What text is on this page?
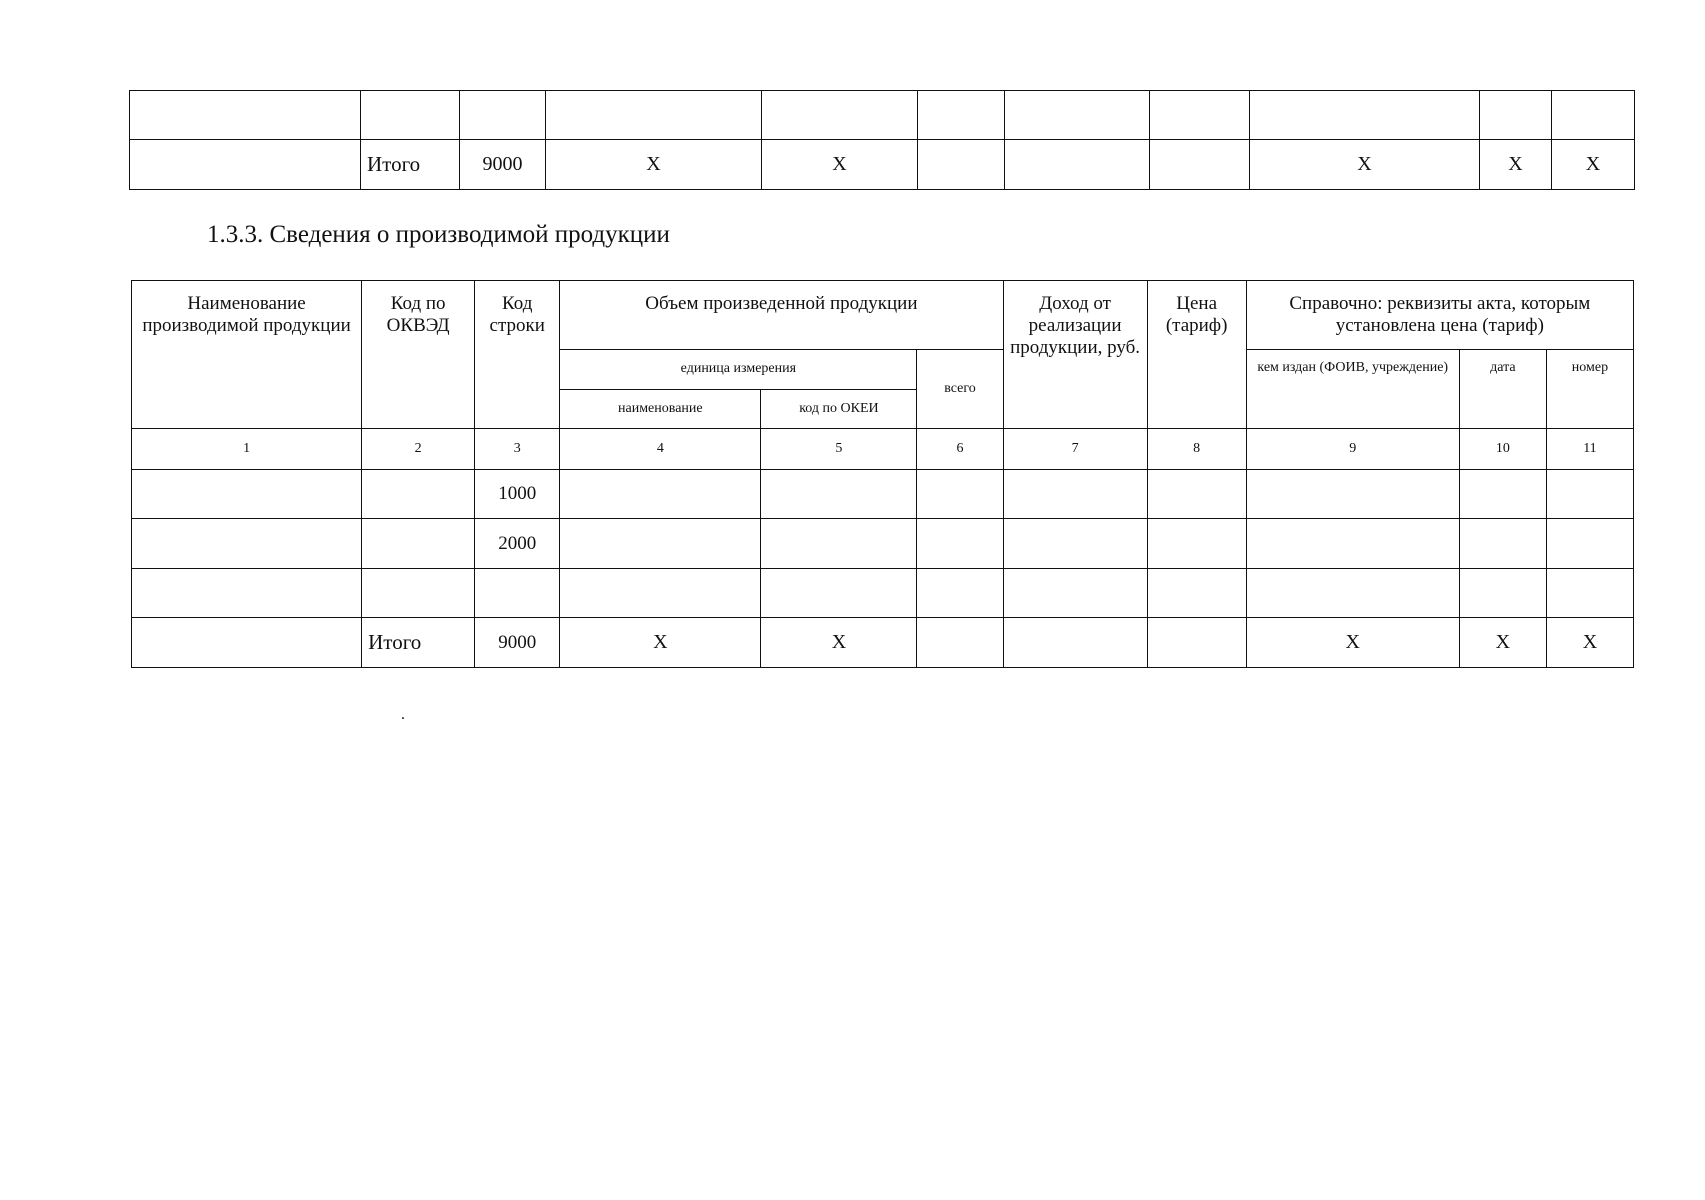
	Итого	9000	X	X				X	X	X
1.3.3. Сведения о производимой продукции
Наименование производимой продукции	Код по ОКВЭД	Код строки	Объем произведенной продукции			Доход от реализации продукции, руб.	Цена (тариф)	Справочно: реквизиты акта, которым установлена цена (тариф)		
			единица измерения		всего			кем издан (ФОИВ, учреждение)	дата	номер
			наименование	код по ОКЕИ						
1	2	3	4	5	6	7	8	9	10	11
		1000								
		2000								

	Итого	9000	X	X				X	X	X
.
